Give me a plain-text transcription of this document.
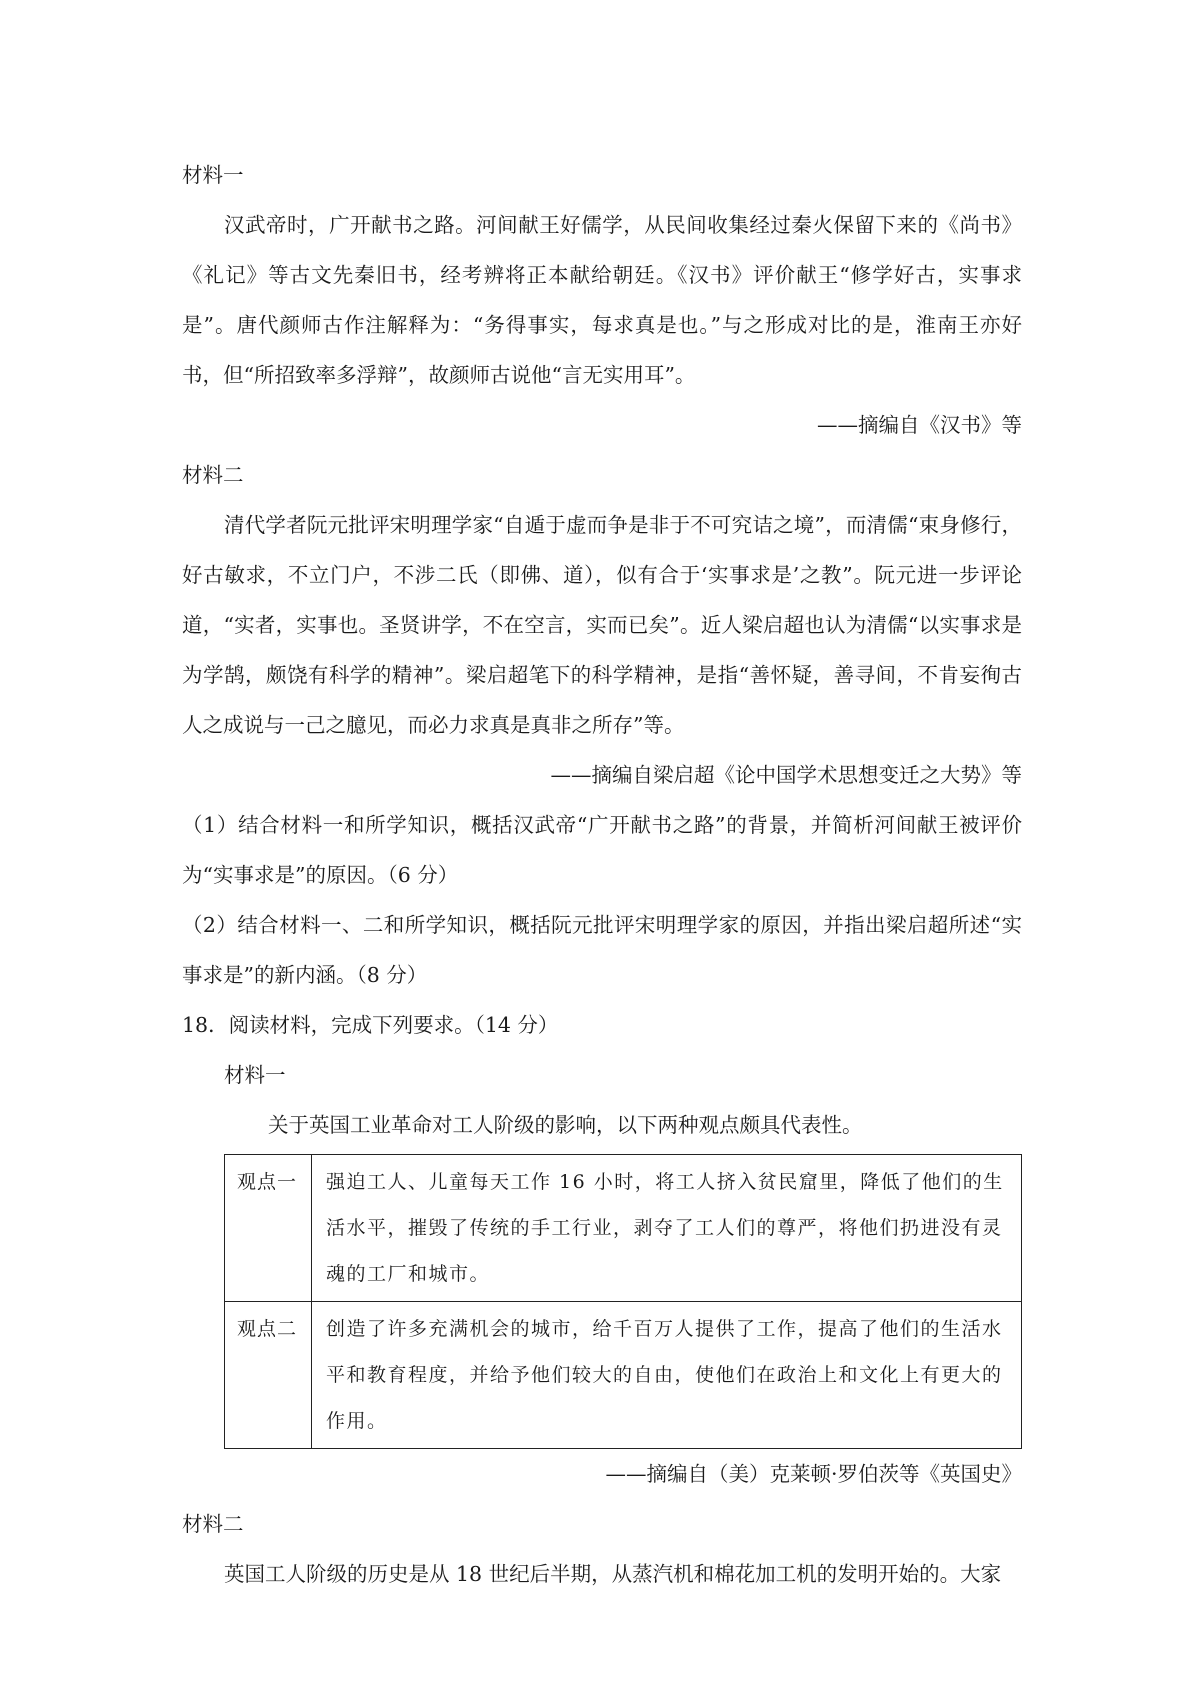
材料一

汉武帝时，广开献书之路。河间献王好儒学，从民间收集经过秦火保留下来的《尚书》《礼记》等古文先秦旧书，经考辨将正本献给朝廷。《汉书》评价献王“修学好古，实事求是”。唐代颜师古作注解释为：“务得事实，每求真是也。”与之形成对比的是，淮南王亦好书，但“所招致率多浮辩”，故颜师古说他“言无实用耳”。

——摘编自《汉书》等

材料二

清代学者阮元批评宋明理学家“自遁于虚而争是非于不可究诘之境”，而清儒“束身修行，好古敏求，不立门户，不涉二氏（即佛、道），似有合于‘实事求是’之教”。阮元进一步评论道，“实者，实事也。圣贤讲学，不在空言，实而已矣”。近人梁启超也认为清儒“以实事求是为学鹄，颇饶有科学的精神”。梁启超笔下的科学精神，是指“善怀疑，善寻间，不肯妄徇古人之成说与一己之臆见，而必力求真是真非之所存”等。

——摘编自梁启超《论中国学术思想变迁之大势》等

（1）结合材料一和所学知识，概括汉武帝“广开献书之路”的背景，并简析河间献王被评价为“实事求是”的原因。（6 分）

（2）结合材料一、二和所学知识，概括阮元批评宋明理学家的原因，并指出梁启超所述“实事求是”的新内涵。（8 分）

18．阅读材料，完成下列要求。（14 分）

材料一

关于英国工业革命对工人阶级的影响，以下两种观点颇具代表性。

观点一	强迫工人、儿童每天工作 16 小时，将工人挤入贫民窟里，降低了他们的生活水平，摧毁了传统的手工行业，剥夺了工人们的尊严，将他们扔进没有灵魂的工厂和城市。
观点二	创造了许多充满机会的城市，给千百万人提供了工作，提高了他们的生活水平和教育程度，并给予他们较大的自由，使他们在政治上和文化上有更大的作用。

——摘编自（美）克莱顿·罗伯茨等《英国史》

材料二

英国工人阶级的历史是从 18 世纪后半期，从蒸汽机和棉花加工机的发明开始的。大家
